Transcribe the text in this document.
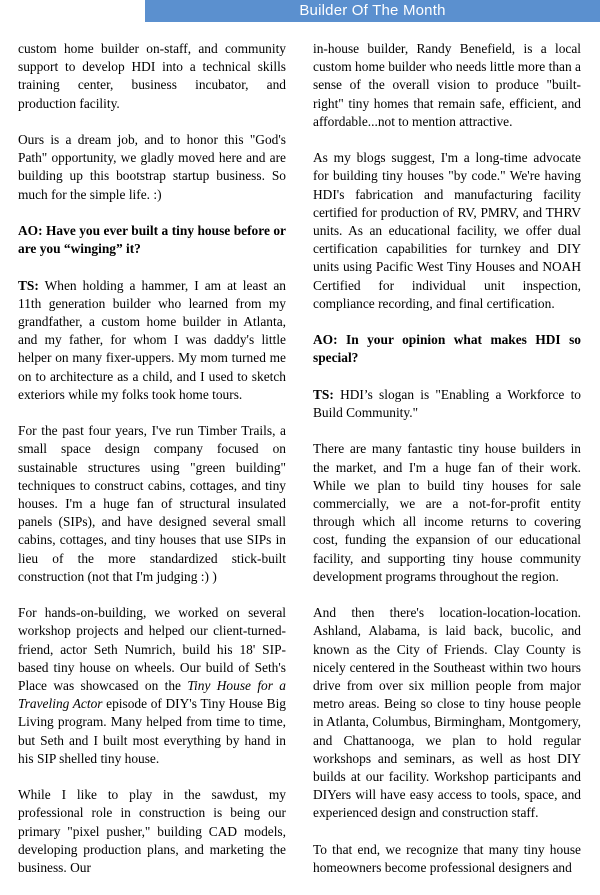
Builder Of The Month

custom home builder on-staff, and community support to develop HDI into a technical skills training center, business incubator, and production facility.

Ours is a dream job, and to honor this "God's Path" opportunity, we gladly moved here and are building up this bootstrap startup business. So much for the simple life. :)

AO: Have you ever built a tiny house before or are you “winging” it?

TS: When holding a hammer, I am at least an 11th generation builder who learned from my grandfather, a custom home builder in Atlanta, and my father, for whom I was daddy's little helper on many fixer-uppers. My mom turned me on to architecture as a child, and I used to sketch exteriors while my folks took home tours.

For the past four years, I've run Timber Trails, a small space design company focused on sustainable structures using "green building" techniques to construct cabins, cottages, and tiny houses. I'm a huge fan of structural insulated panels (SIPs), and have designed several small cabins, cottages, and tiny houses that use SIPs in lieu of the more standardized stick-built construction (not that I'm judging :) )

For hands-on-building, we worked on several workshop projects and helped our client-turned-friend, actor Seth Numrich, build his 18' SIP-based tiny house on wheels. Our build of Seth's Place was showcased on the Tiny House for a Traveling Actor episode of DIY's Tiny House Big Living program. Many helped from time to time, but Seth and I built most everything by hand in his SIP shelled tiny house.

While I like to play in the sawdust, my professional role in construction is being our primary "pixel pusher," building CAD models, developing production plans, and marketing the business. Our

in-house builder, Randy Benefield, is a local custom home builder who needs little more than a sense of the overall vision to produce "built-right" tiny homes that remain safe, efficient, and affordable...not to mention attractive.

As my blogs suggest, I'm a long-time advocate for building tiny houses "by code." We're having HDI's fabrication and manufacturing facility certified for production of RV, PMRV, and THRV units. As an educational facility, we offer dual certification capabilities for turnkey and DIY units using Pacific West Tiny Houses and NOAH Certified for individual unit inspection, compliance recording, and final certification.

AO: In your opinion what makes HDI so special?

TS: HDI’s slogan is "Enabling a Workforce to Build Community."

There are many fantastic tiny house builders in the market, and I'm a huge fan of their work. While we plan to build tiny houses for sale commercially, we are a not-for-profit entity through which all income returns to covering cost, funding the expansion of our educational facility, and supporting tiny house community development programs throughout the region.

And then there's location-location-location. Ashland, Alabama, is laid back, bucolic, and known as the City of Friends. Clay County is nicely centered in the Southeast within two hours drive from over six million people from major metro areas. Being so close to tiny house people in Atlanta, Columbus, Birmingham, Montgomery, and Chattanooga, we plan to hold regular workshops and seminars, as well as host DIY builds at our facility. Workshop participants and DIYers will have easy access to tools, space, and experienced design and construction staff.

To that end, we recognize that many tiny house homeowners become professional designers and
